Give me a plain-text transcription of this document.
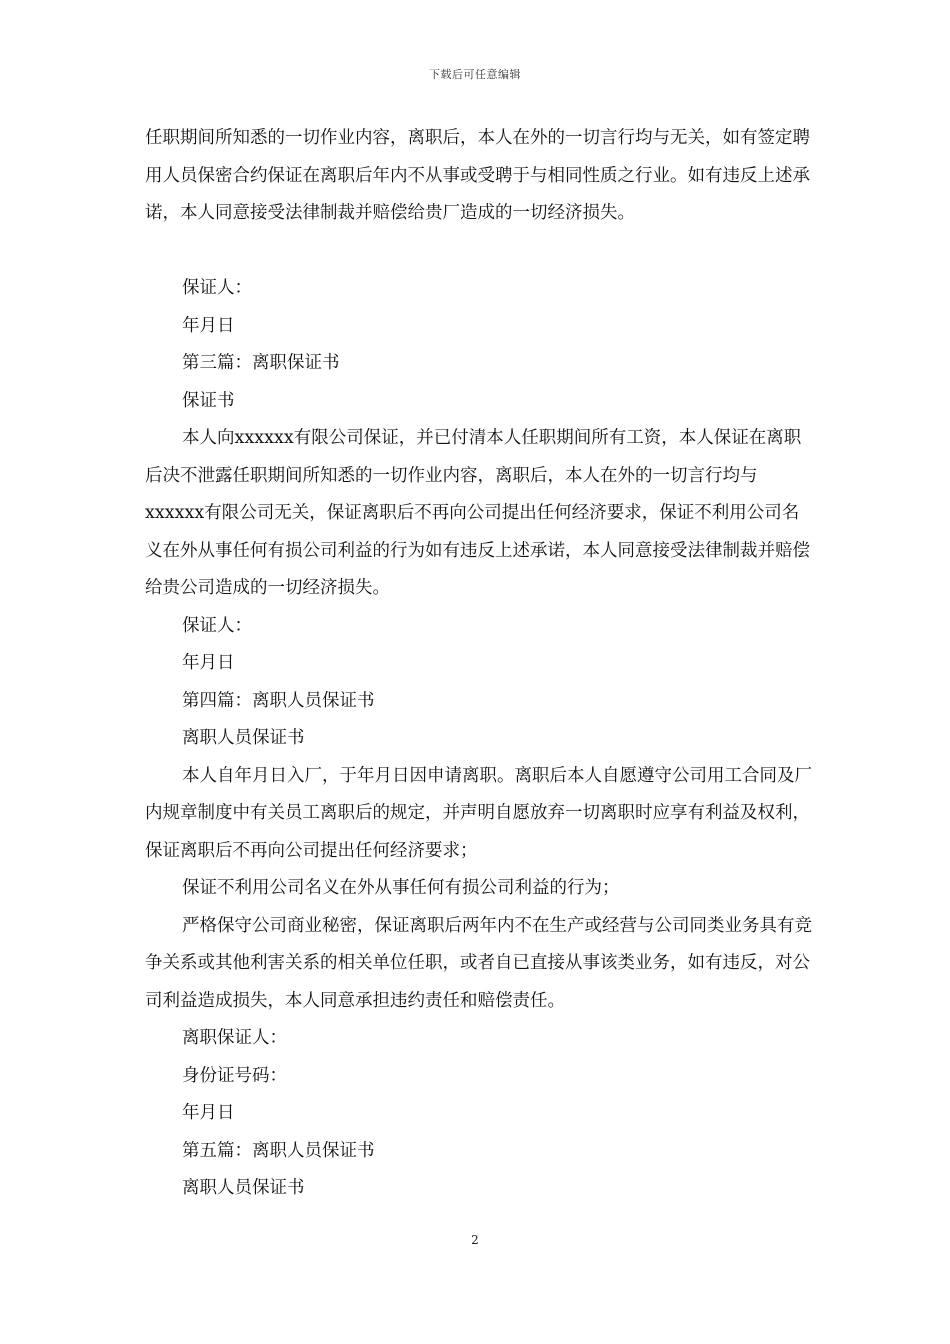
下载后可任意编辑

任职期间所知悉的一切作业内容，离职后，本人在外的一切言行均与无关，如有签定聘用人员保密合约保证在离职后年内不从事或受聘于与相同性质之行业。如有违反上述承诺，本人同意接受法律制裁并赔偿给贵厂造成的一切经济损失。

保证人：

年月日

第三篇：离职保证书

保证书

本人向xxxxxx有限公司保证，并已付清本人任职期间所有工资，本人保证在离职后决不泄露任职期间所知悉的一切作业内容，离职后，本人在外的一切言行均与xxxxxx有限公司无关，保证离职后不再向公司提出任何经济要求，保证不利用公司名义在外从事任何有损公司利益的行为如有违反上述承诺，本人同意接受法律制裁并赔偿给贵公司造成的一切经济损失。

保证人：

年月日

第四篇：离职人员保证书

离职人员保证书

本人自年月日入厂，于年月日因申请离职。离职后本人自愿遵守公司用工合同及厂内规章制度中有关员工离职后的规定，并声明自愿放弃一切离职时应享有利益及权利，保证离职后不再向公司提出任何经济要求；

保证不利用公司名义在外从事任何有损公司利益的行为；

严格保守公司商业秘密，保证离职后两年内不在生产或经营与公司同类业务具有竞争关系或其他利害关系的相关单位任职，或者自已直接从事该类业务，如有违反，对公司利益造成损失，本人同意承担违约责任和赔偿责任。

离职保证人：

身份证号码：

年月日

第五篇：离职人员保证书

离职人员保证书

2
